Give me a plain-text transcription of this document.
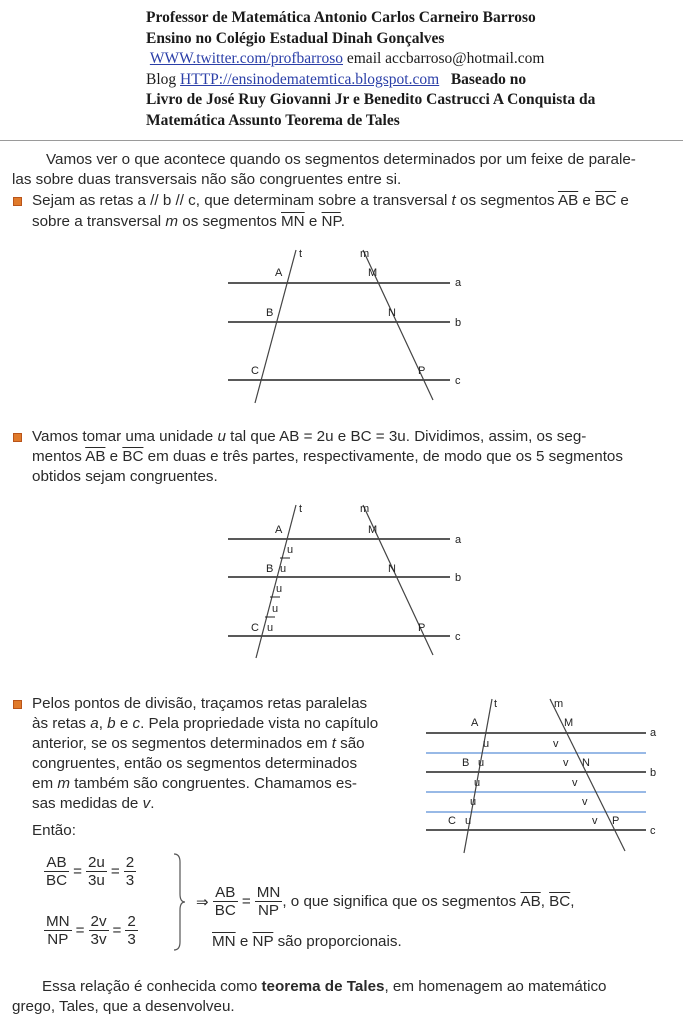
Professor de Matemática Antonio Carlos Carneiro Barroso
Ensino no Colégio Estadual Dinah Gonçalves
WWW.twitter.com/profbarroso email accbarroso@hotmail.com
Blog HTTP://ensinodematemtica.blogspot.com Baseado no
Livro de José Ruy Giovanni Jr e Benedito Castrucci A Conquista da
Matemática Assunto Teorema de Tales
Vamos ver o que acontece quando os segmentos determinados por um feixe de parale-
las sobre duas transversais não são congruentes entre si.
Sejam as retas a // b // c, que determinam sobre a transversal t os segmentos $\overline{AB}$ e $\overline{BC}$ e
sobre a transversal m os segmentos $\overline{MN}$ e $\overline{NP}$.
t	m
A	M
B	N
C	P
a
b
c
Vamos tomar uma unidade u tal que AB = 2u e BC = 3u. Dividimos, assim, os seg-
mentos $\overline{AB}$ e $\overline{BC}$ em duas e três partes, respectivamente, de modo que os 5 segmentos
obtidos sejam congruentes.
t	m
A	M
B	N
C	P
u
u
u
u
u
a
b
c
Pelos pontos de divisão, traçamos retas paralelas
às retas a, b e c. Pela propriedade vista no capítulo
anterior, se os segmentos determinados em t são
congruentes, então os segmentos determinados
em m também são congruentes. Chamamos es-
sas medidas de v.
Então:
t	m
A	M
B	N
C	P
u
u
u
u
u
v
v
v
v
v
a
b
c
$\frac{AB}{BC} = \frac{2u}{3u} = \frac{2}{3}$
$\frac{MN}{NP} = \frac{2v}{3v} = \frac{2}{3}$
⇒ $\frac{AB}{BC} = \frac{MN}{NP}$ , o que significa que os segmentos $\overline{AB}$, $\overline{BC}$,
$\overline{MN}$ e $\overline{NP}$ são proporcionais.
Essa relação é conhecida como teorema de Tales, em homenagem ao matemático
grego, Tales, que a desenvolveu.
